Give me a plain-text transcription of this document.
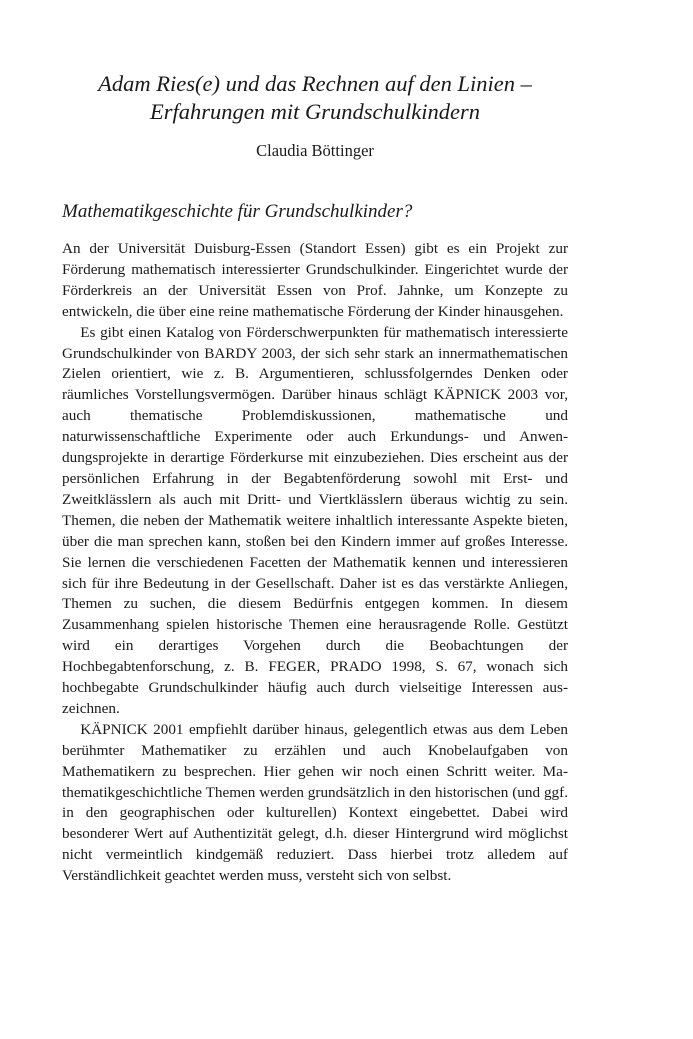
Adam Ries(e) und das Rechnen auf den Linien –
Erfahrungen mit Grundschulkindern

Claudia Böttinger

Mathematikgeschichte für Grundschulkinder?

An der Universität Duisburg-Essen (Standort Essen) gibt es ein Projekt zur Förderung mathematisch interessierter Grundschulkinder. Eingerichtet wurde der Förderkreis an der Universität Essen von Prof. Jahnke, um Konzepte zu entwickeln, die über eine reine mathematische Förderung der Kinder hinausgehen.

Es gibt einen Katalog von Förderschwerpunkten für mathematisch interessierte Grundschulkinder von BARDY 2003, der sich sehr stark an innermathematischen Zielen orientiert, wie z. B. Argumentieren, schlussfolgerndes Denken oder räumliches Vorstellungsvermögen. Darüber hinaus schlägt KÄPNICK 2003 vor, auch thematische Problemdiskussionen, mathematische und naturwissenschaftliche Experimente oder auch Erkundungs- und Anwendungsprojekte in derartige Förderkurse mit einzubeziehen. Dies erscheint aus der persönlichen Erfahrung in der Begabtenförderung sowohl mit Erst- und Zweitklässlern als auch mit Dritt- und Viertklässlern überaus wichtig zu sein. Themen, die neben der Mathematik weitere inhaltlich interessante Aspekte bieten, über die man sprechen kann, stoßen bei den Kindern immer auf großes Interesse. Sie lernen die verschiedenen Facetten der Mathematik kennen und interessieren sich für ihre Bedeutung in der Gesellschaft. Daher ist es das verstärkte Anliegen, Themen zu suchen, die diesem Bedürfnis entgegen kommen. In diesem Zusammenhang spielen historische Themen eine herausragende Rolle. Gestützt wird ein derartiges Vorgehen durch die Beobachtungen der Hochbegabtenforschung, z. B. FEGER, PRADO 1998, S. 67, wonach sich hochbegabte Grundschulkinder häufig auch durch vielseitige Interessen auszeichnen.

KÄPNICK 2001 empfiehlt darüber hinaus, gelegentlich etwas aus dem Leben berühmter Mathematiker zu erzählen und auch Knobelaufgaben von Mathematikern zu besprechen. Hier gehen wir noch einen Schritt weiter. Mathematikgeschichtliche Themen werden grundsätzlich in den historischen (und ggf. in den geographischen oder kulturellen) Kontext eingebettet. Dabei wird besonderer Wert auf Authentizität gelegt, d.h. dieser Hintergrund wird möglichst nicht vermeintlich kindgemäß reduziert. Dass hierbei trotz alledem auf Verständlichkeit geachtet werden muss, versteht sich von selbst.
